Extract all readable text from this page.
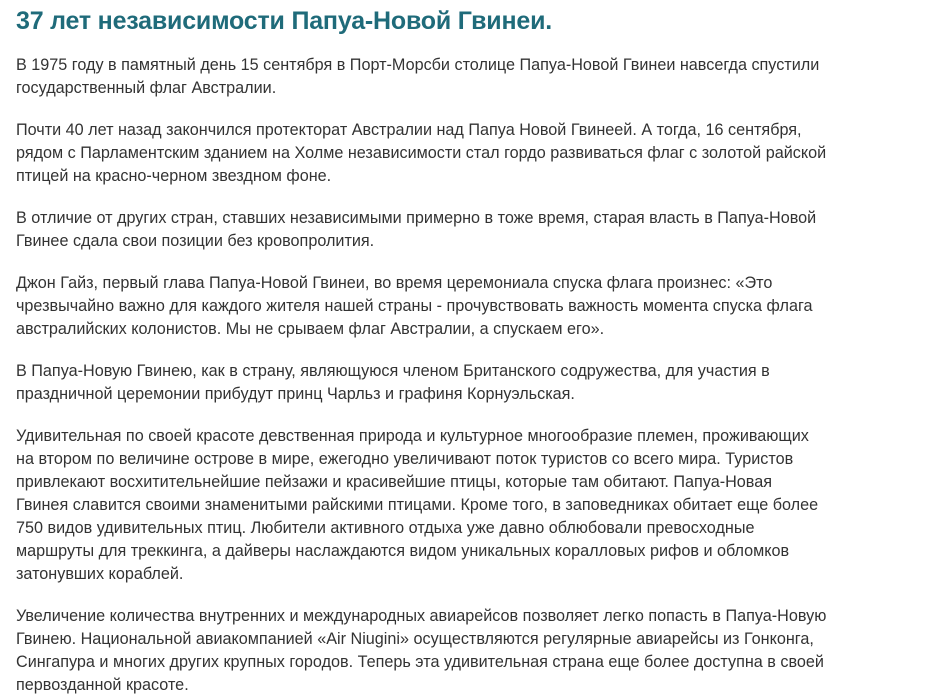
37 лет независимости Папуа-Новой Гвинеи.

В 1975 году в памятный день 15 сентября в Порт-Морсби столице Папуа-Новой Гвинеи навсегда спустили
государственный флаг Австралии.

Почти 40 лет назад закончился протекторат Австралии над Папуа Новой Гвинеей. А тогда, 16 сентября,
рядом с Парламентским зданием на Холме независимости стал гордо развиваться флаг с золотой райской
птицей на красно-черном звездном фоне.

В отличие от других стран, ставших независимыми примерно в тоже время, старая власть в Папуа-Новой
Гвинее сдала свои позиции без кровопролития.

Джон Гайз, первый глава Папуа-Новой Гвинеи, во время церемониала спуска флага произнес: «Это
чрезвычайно важно для каждого жителя нашей страны - прочувствовать важность момента спуска флага
австралийских колонистов. Мы не срываем флаг Австралии, а спускаем его».

В Папуа-Новую Гвинею, как в страну, являющуюся членом Британского содружества, для участия в
праздничной церемонии прибудут принц Чарльз и графиня Корнуэльская.

Удивительная по своей красоте девственная природа и культурное многообразие племен, проживающих
на втором по величине острове в мире, ежегодно увеличивают поток туристов со всего мира. Туристов
привлекают восхитительнейшие пейзажи и красивейшие птицы, которые там обитают. Папуа-Новая
Гвинея славится своими знаменитыми райскими птицами. Кроме того, в заповедниках обитает еще более
750 видов удивительных птиц. Любители активного отдыха уже давно облюбовали превосходные
маршруты для треккинга, а дайверы наслаждаются видом уникальных коралловых рифов и обломков
затонувших кораблей.

Увеличение количества внутренних и международных авиарейсов позволяет легко попасть в Папуа-Новую
Гвинею. Национальной авиакомпанией «Air Niugini» осуществляются регулярные авиарейсы из Гонконга,
Сингапура и многих других крупных городов. Теперь эта удивительная страна еще более доступна в своей
первозданной красоте.
